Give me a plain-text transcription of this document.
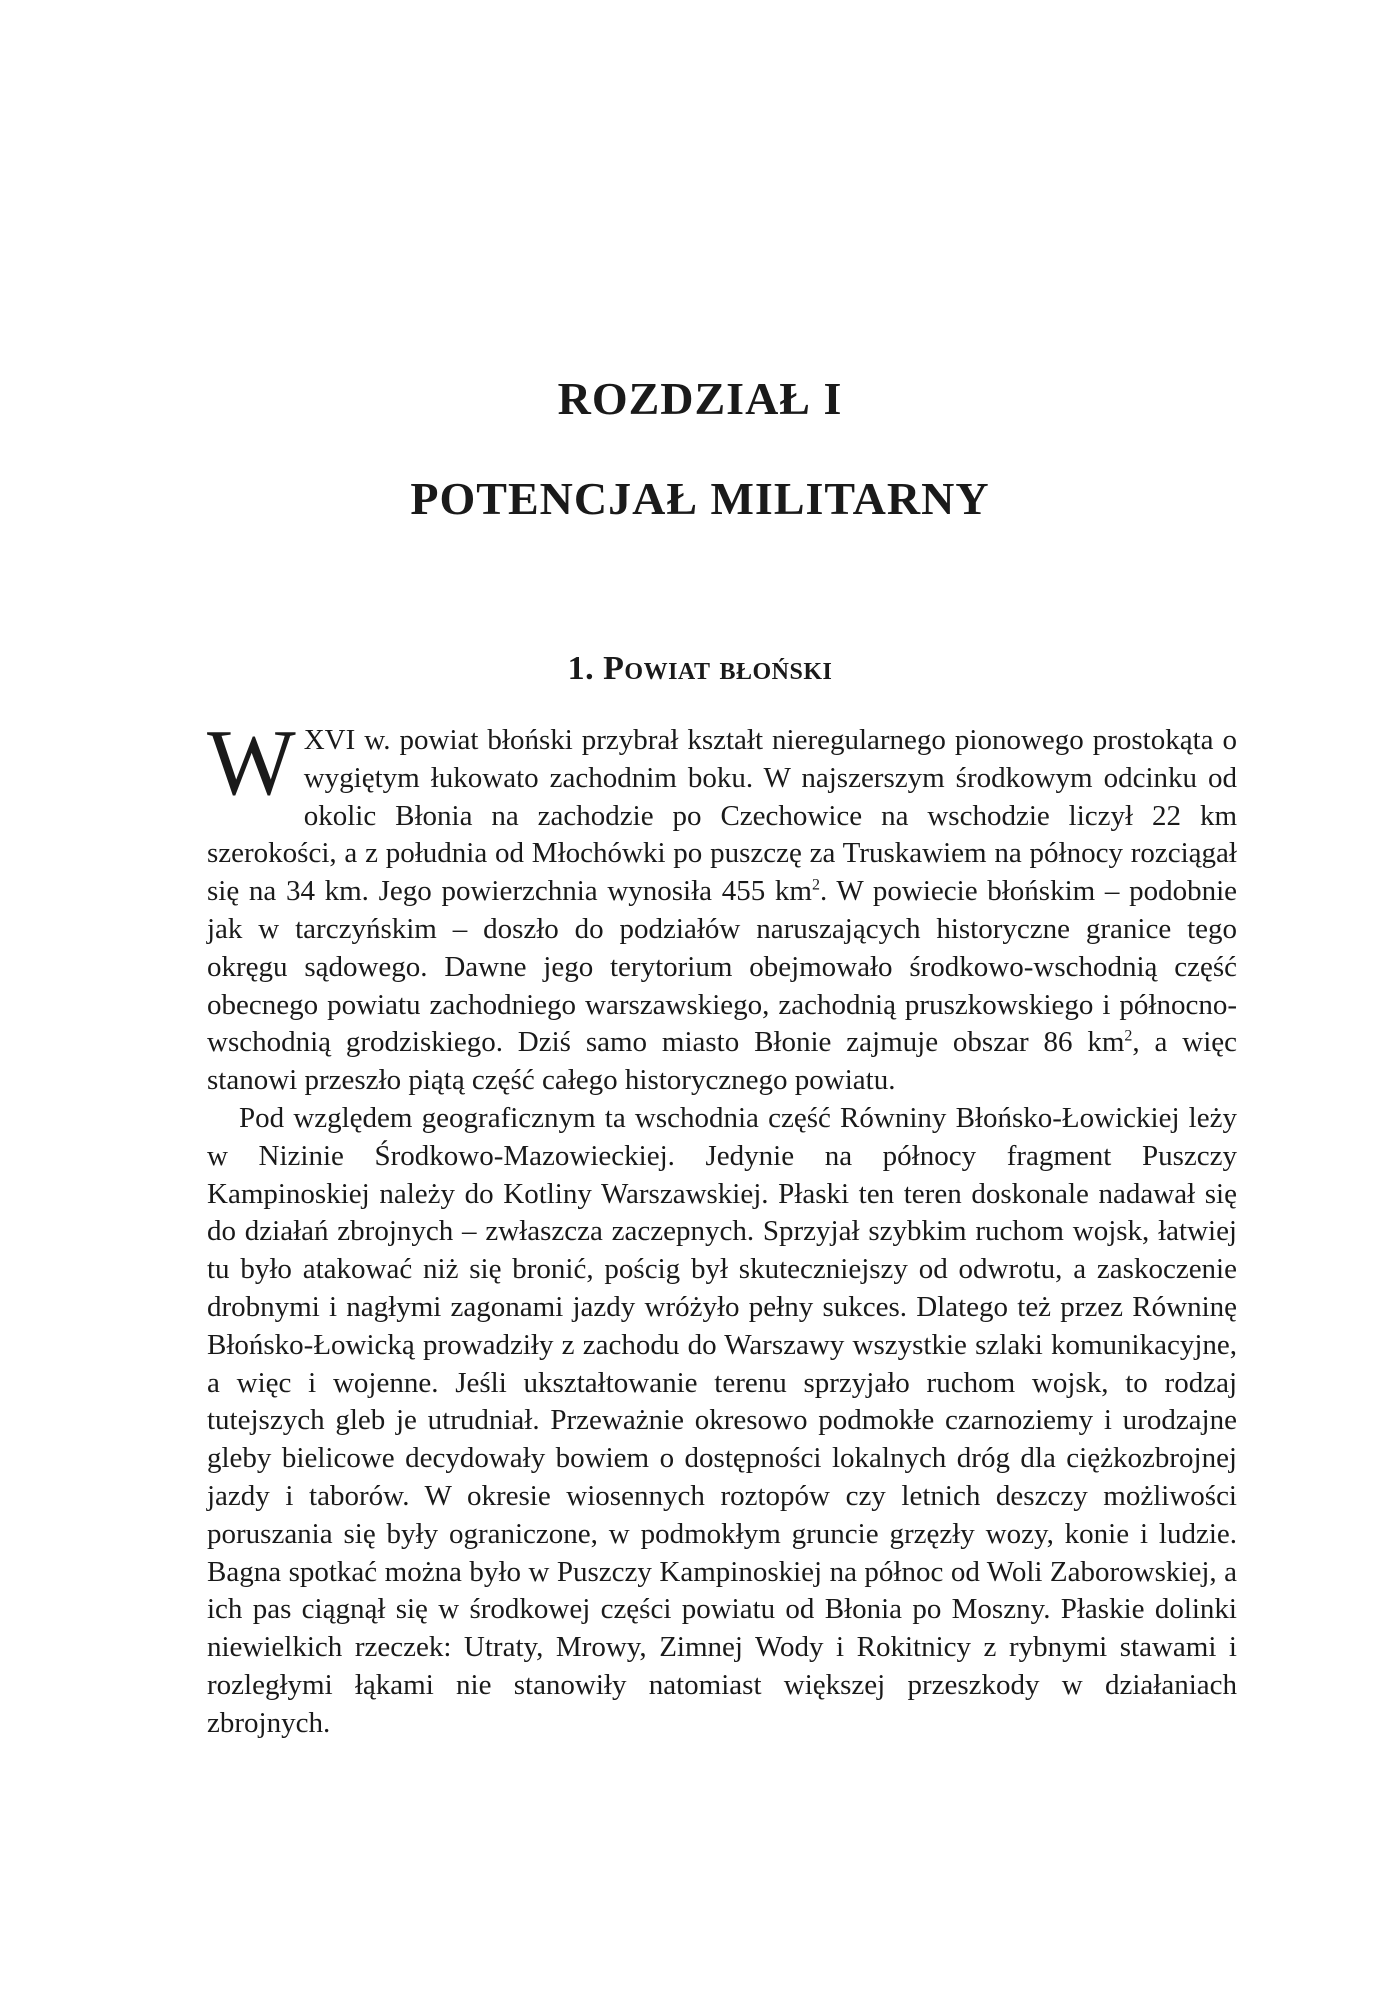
ROZDZIAŁ I
POTENCJAŁ MILITARNY
1. Powiat błoński

WXVI w. powiat błoński przybrał kształt nieregularnego pionowego prostokąta o wygiętym łukowato zachodnim boku. W najszerszym środkowym odcinku od okolic Błonia na zachodzie po Czechowice na wschodzie liczył 22 km szerokości, a z południa od Młochówki po puszczę za Truskawiem na północy rozciągał się na 34 km. Jego powierzchnia wynosiła 455 $km^2$. W powiecie błońskim – podobnie jak w tarczyńskim – doszło do podziałów naruszających historyczne granice tego okręgu sądowego. Dawne jego terytorium obejmowało środkowo-wschodnią część obecnego powiatu zachodniego warszawskiego, zachodnią pruszkowskiego i północno-wschodnią grodziskiego. Dziś samo miasto Błonie zajmuje obszar 86 $km^2$, a więc stanowi przeszło piątą część całego historycznego powiatu.

Pod względem geograficznym ta wschodnia część Równiny Błońsko-Łowickiej leży w Nizinie Środkowo-Mazowieckiej. Jedynie na północy fragment Puszczy Kampinoskiej należy do Kotliny Warszawskiej. Płaski ten teren doskonale nadawał się do działań zbrojnych – zwłaszcza zaczepnych. Sprzyjał szybkim ruchom wojsk, łatwiej tu było atakować niż się bronić, pościg był skuteczniejszy od odwrotu, a zaskoczenie drobnymi i nagłymi zagonami jazdy wróżyło pełny sukces. Dlatego też przez Równinę Błońsko-Łowicką prowadziły z zachodu do Warszawy wszystkie szlaki komunikacyjne, a więc i wojenne. Jeśli ukształtowanie terenu sprzyjało ruchom wojsk, to rodzaj tutejszych gleb je utrudniał. Przeważnie okresowo podmokłe czarnoziemy i urodzajne gleby bielicowe decydowały bowiem o dostępności lokalnych dróg dla ciężkozbrojnej jazdy i taborów. W okresie wiosennych roztopów czy letnich deszczy możliwości poruszania się były ograniczone, w podmokłym gruncie grzęzły wozy, konie i ludzie. Bagna spotkać można było w Puszczy Kampinoskiej na północ od Woli Zaborowskiej, a ich pas ciągnął się w środkowej części powiatu od Błonia po Moszny. Płaskie dolinki niewielkich rzeczek: Utraty, Mrowy, Zimnej Wody i Rokitnicy z rybnymi stawami i rozległymi łąkami nie stanowiły natomiast większej przeszkody w działaniach zbrojnych.
